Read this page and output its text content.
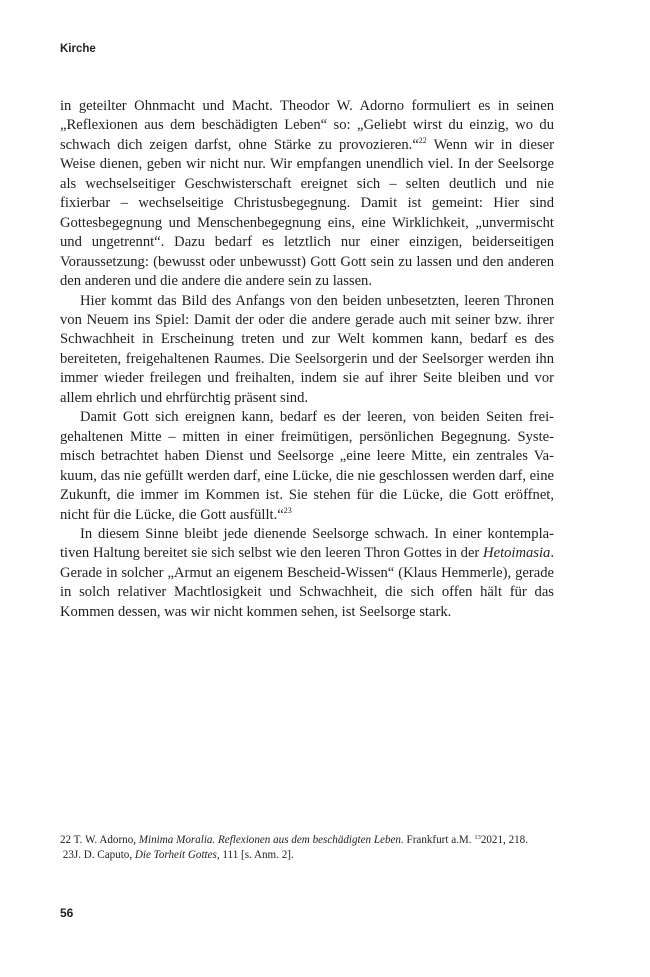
Kirche

in geteilter Ohnmacht und Macht. Theodor W. Adorno formuliert es in seinen „Reflexionen aus dem beschädigten Leben“ so: „Geliebt wirst du einzig, wo du schwach dich zeigen darfst, ohne Stärke zu provozieren.“$^{22}$ Wenn wir in dieser Weise dienen, geben wir nicht nur. Wir empfangen unendlich viel. In der Seelsorge als wechselseitiger Geschwisterschaft ereignet sich – selten deutlich und nie fixierbar – wechselseitige Christusbegegnung. Damit ist gemeint: Hier sind Gottesbegegnung und Menschenbegegnung eins, eine Wirklichkeit, „unvermischt und ungetrennt“. Dazu bedarf es letztlich nur einer einzigen, beiderseitigen Voraussetzung: (bewusst oder unbewusst) Gott Gott sein zu lassen und den anderen den anderen und die andere die andere sein zu lassen.

Hier kommt das Bild des Anfangs von den beiden unbesetzten, leeren Thronen von Neuem ins Spiel: Damit der oder die andere gerade auch mit seiner bzw. ihrer Schwachheit in Erscheinung treten und zur Welt kommen kann, bedarf es des bereiteten, freigehaltenen Raumes. Die Seelsorgerin und der Seelsorger werden ihn immer wieder freilegen und freihalten, indem sie auf ihrer Seite bleiben und vor allem ehrlich und ehrfürchtig präsent sind.

Damit Gott sich ereignen kann, bedarf es der leeren, von beiden Seiten freigehaltenen Mitte – mitten in einer freimütigen, persönlichen Begegnung. Systemisch betrachtet haben Dienst und Seelsorge „eine leere Mitte, ein zentrales Vakuum, das nie gefüllt werden darf, eine Lücke, die nie geschlossen werden darf, eine Zukunft, die immer im Kommen ist. Sie stehen für die Lücke, die Gott eröffnet, nicht für die Lücke, die Gott ausfüllt.“$^{23}$

In diesem Sinne bleibt jede dienende Seelsorge schwach. In einer kontemplativen Haltung bereitet sie sich selbst wie den leeren Thron Gottes in der Hetoimasia. Gerade in solcher „Armut an eigenem Bescheid-Wissen“ (Klaus Hemmerle), gerade in solch relativer Machtlosigkeit und Schwachheit, die sich offen hält für das Kommen dessen, was wir nicht kommen sehen, ist Seelsorge stark.

22 T. W. Adorno, Minima Moralia. Reflexionen aus dem beschädigten Leben. Frankfurt a.M. $^{13}$2021, 218.
23J. D. Caputo, Die Torheit Gottes, 111 [s. Anm. 2].
56
